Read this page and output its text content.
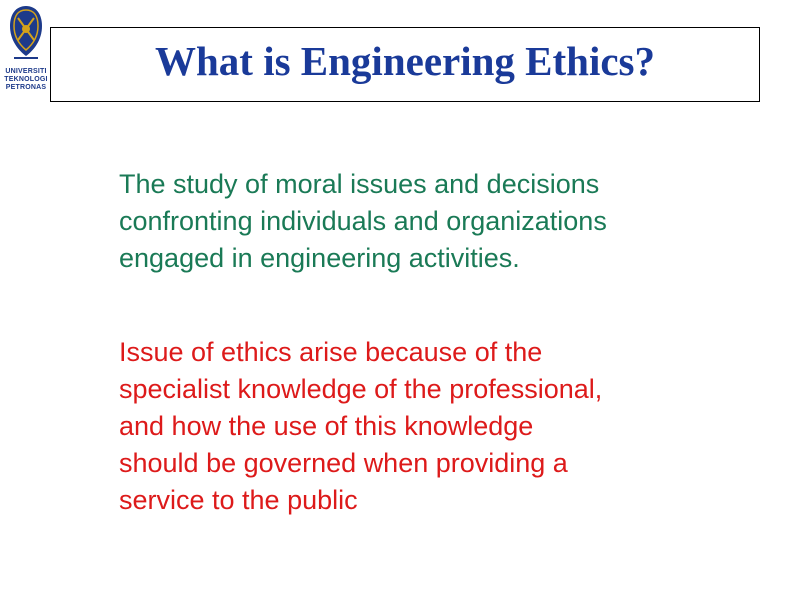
UNIVERSITI
TEKNOLOGI
PETRONAS
What is Engineering Ethics?

The study of moral issues and decisions
confronting individuals and organizations
engaged in engineering activities.

Issue of ethics arise because of the
specialist knowledge of the professional,
and how the use of this knowledge
should be governed when providing a
service to the public
